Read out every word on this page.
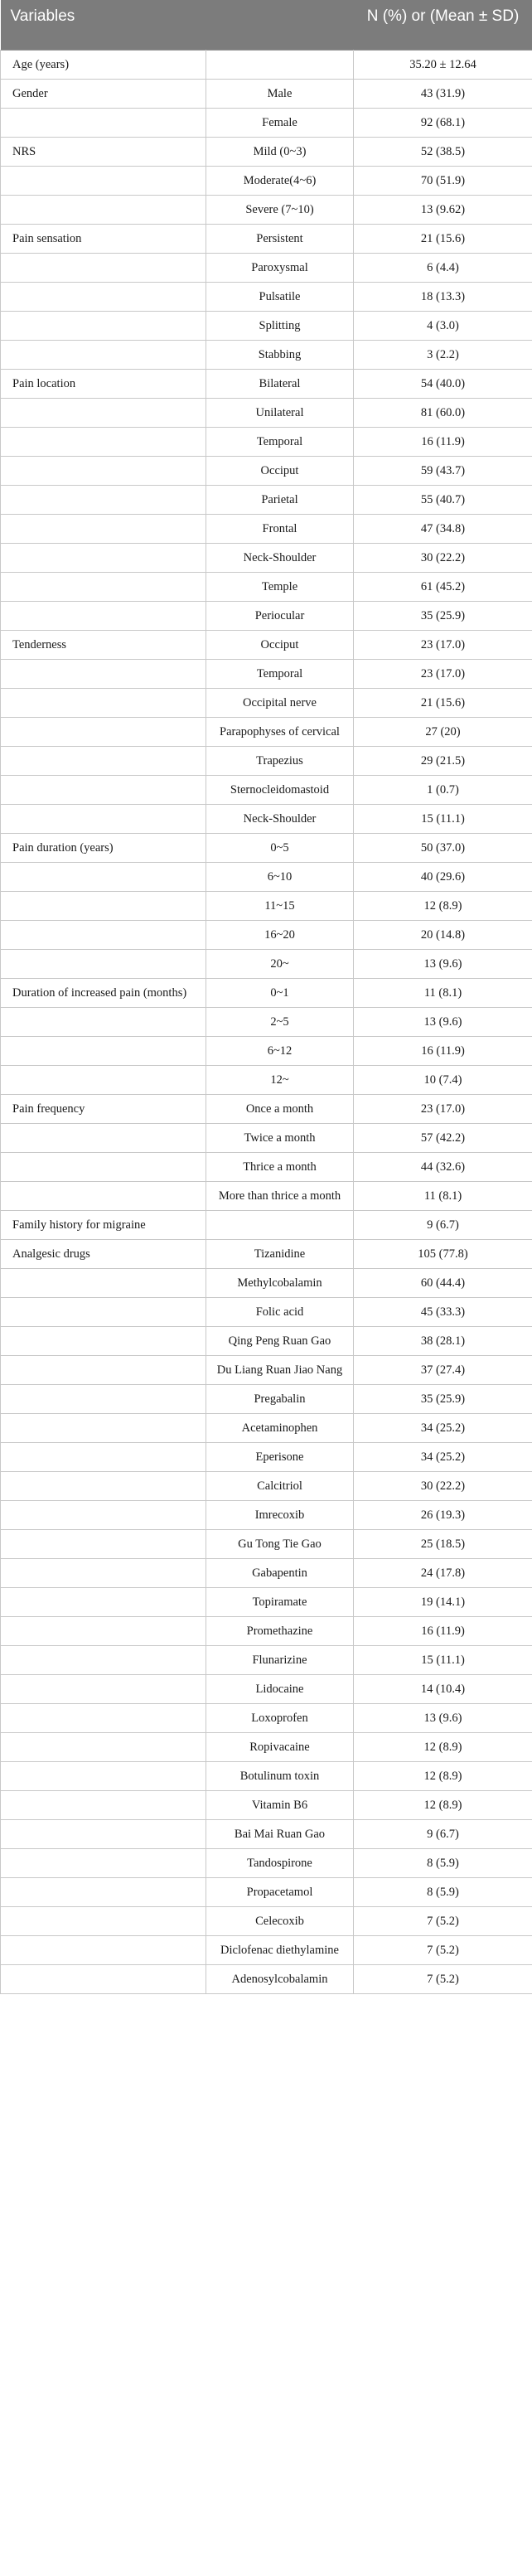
Variables		N (%) or (Mean ± SD)
Age (years)		35.20 ± 12.64
Gender	Male	43 (31.9)
	Female	92 (68.1)
NRS	Mild (0~3)	52 (38.5)
	Moderate(4~6)	70 (51.9)
	Severe (7~10)	13 (9.62)
Pain sensation	Persistent	21 (15.6)
	Paroxysmal	6 (4.4)
	Pulsatile	18 (13.3)
	Splitting	4 (3.0)
	Stabbing	3 (2.2)
Pain location	Bilateral	54 (40.0)
	Unilateral	81 (60.0)
	Temporal	16 (11.9)
	Occiput	59 (43.7)
	Parietal	55 (40.7)
	Frontal	47 (34.8)
	Neck-Shoulder	30 (22.2)
	Temple	61 (45.2)
	Periocular	35 (25.9)
Tenderness	Occiput	23 (17.0)
	Temporal	23 (17.0)
	Occipital nerve	21 (15.6)
	Parapophyses of cervical	27 (20)
	Trapezius	29 (21.5)
	Sternocleidomastoid	1 (0.7)
	Neck-Shoulder	15 (11.1)
Pain duration (years)	0~5	50 (37.0)
	6~10	40 (29.6)
	11~15	12 (8.9)
	16~20	20 (14.8)
	20~	13 (9.6)
Duration of increased pain (months)	0~1	11 (8.1)
	2~5	13 (9.6)
	6~12	16 (11.9)
	12~	10 (7.4)
Pain frequency	Once a month	23 (17.0)
	Twice a month	57 (42.2)
	Thrice a month	44 (32.6)
	More than thrice a month	11 (8.1)
Family history for migraine		9 (6.7)
Analgesic drugs	Tizanidine	105 (77.8)
	Methylcobalamin	60 (44.4)
	Folic acid	45 (33.3)
	Qing Peng Ruan Gao	38 (28.1)
	Du Liang Ruan Jiao Nang	37 (27.4)
	Pregabalin	35 (25.9)
	Acetaminophen	34 (25.2)
	Eperisone	34 (25.2)
	Calcitriol	30 (22.2)
	Imrecoxib	26 (19.3)
	Gu Tong Tie Gao	25 (18.5)
	Gabapentin	24 (17.8)
	Topiramate	19 (14.1)
	Promethazine	16 (11.9)
	Flunarizine	15 (11.1)
	Lidocaine	14 (10.4)
	Loxoprofen	13 (9.6)
	Ropivacaine	12 (8.9)
	Botulinum toxin	12 (8.9)
	Vitamin B6	12 (8.9)
	Bai Mai Ruan Gao	9 (6.7)
	Tandospirone	8 (5.9)
	Propacetamol	8 (5.9)
	Celecoxib	7 (5.2)
	Diclofenac diethylamine	7 (5.2)
	Adenosylcobalamin	7 (5.2)
